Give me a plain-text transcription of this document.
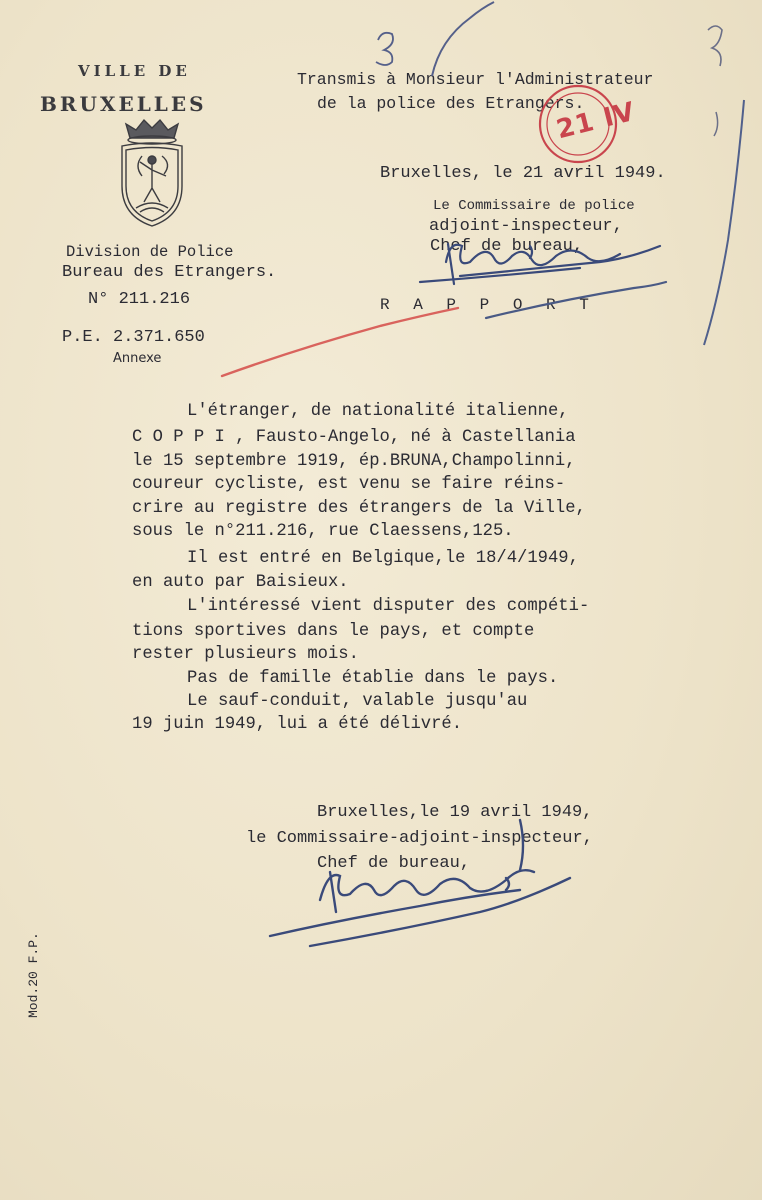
VILLE DE
BRUXELLES
Division de Police
Bureau des Etrangers.
N° 211.216
P.E. 2.371.650
Annexe
Transmis à Monsieur l'Administrateur
de la police des Etrangers.
Bruxelles, le 21 avril 1949.
Le Commissaire de police
adjoint-inspecteur,
Chef de bureau,
R A P P O R T
L'étranger, de nationalité italienne,
C O P P I , Fausto-Angelo, né à Castellania
le 15 septembre 1919, ép.BRUNA,Champolinni,
coureur cycliste, est venu se faire réins-
crire au registre des étrangers de la Ville,
sous le n°211.216, rue Claessens,125.
Il est entré en Belgique,le 18/4/1949,
en auto par Baisieux.
L'intéressé vient disputer des compéti-
tions sportives dans le pays, et compte
rester plusieurs mois.
Pas de famille établie dans le pays.
Le sauf-conduit, valable jusqu'au
19 juin 1949, lui a été délivré.
Bruxelles,le 19 avril 1949,
le Commissaire-adjoint-inspecteur,
Chef de bureau,
Mod.20 F.P.
21 IV
